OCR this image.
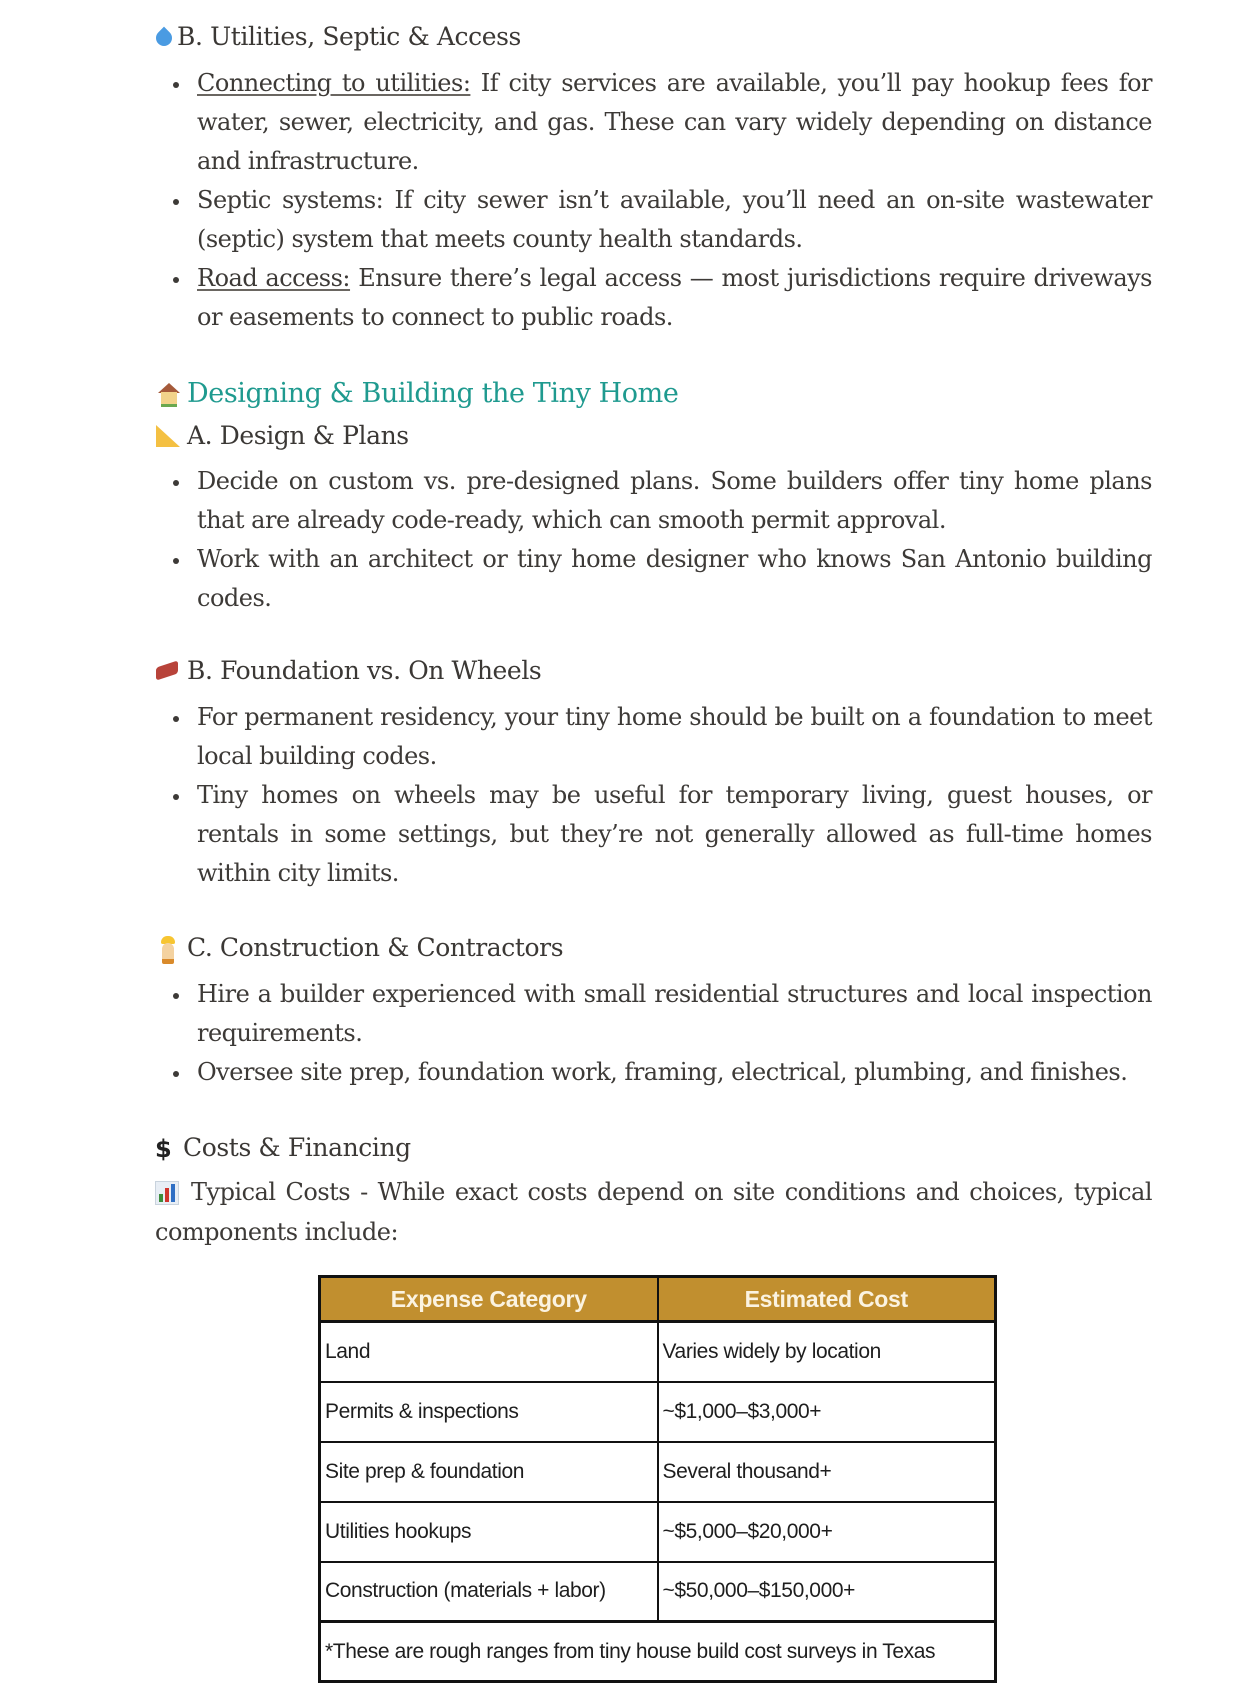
B. Utilities, Septic & Access
Connecting to utilities: If city services are available, you’ll pay hookup fees for water, sewer, electricity, and gas. These can vary widely depending on distance and infrastructure.
Septic systems: If city sewer isn’t available, you’ll need an on-site wastewater (septic) system that meets county health standards.
Road access: Ensure there’s legal access — most jurisdictions require driveways or easements to connect to public roads.
Designing & Building the Tiny Home
A. Design & Plans
Decide on custom vs. pre-designed plans. Some builders offer tiny home plans that are already code-ready, which can smooth permit approval.
Work with an architect or tiny home designer who knows San Antonio building codes.
B. Foundation vs. On Wheels
For permanent residency, your tiny home should be built on a foundation to meet local building codes.
Tiny homes on wheels may be useful for temporary living, guest houses, or rentals in some settings, but they’re not generally allowed as full-time homes within city limits.
C. Construction & Contractors
Hire a builder experienced with small residential structures and local inspection requirements.
Oversee site prep, foundation work, framing, electrical, plumbing, and finishes.
$ Costs & Financing
Typical Costs - While exact costs depend on site conditions and choices, typical components include:
Expense Category	Estimated Cost
Land	Varies widely by location
Permits & inspections	~$1,000–$3,000+
Site prep & foundation	Several thousand+
Utilities hookups	~$5,000–$20,000+
Construction (materials + labor)	~$50,000–$150,000+
*These are rough ranges from tiny house build cost surveys in Texas	
